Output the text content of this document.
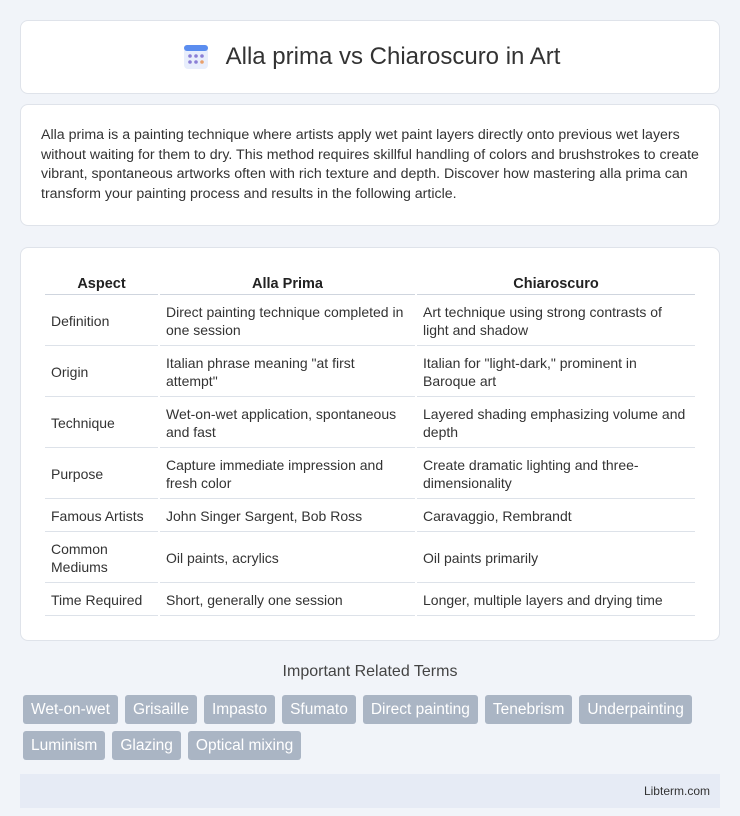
Alla prima vs Chiaroscuro in Art

Alla prima is a painting technique where artists apply wet paint layers directly onto previous wet layers without waiting for them to dry. This method requires skillful handling of colors and brushstrokes to create vibrant, spontaneous artworks often with rich texture and depth. Discover how mastering alla prima can transform your painting process and results in the following article.

Aspect	Alla Prima	Chiaroscuro
Definition	Direct painting technique completed in one session	Art technique using strong contrasts of light and shadow
Origin	Italian phrase meaning "at first attempt"	Italian for "light-dark," prominent in Baroque art
Technique	Wet-on-wet application, spontaneous and fast	Layered shading emphasizing volume and depth
Purpose	Capture immediate impression and fresh color	Create dramatic lighting and three-dimensionality
Famous Artists	John Singer Sargent, Bob Ross	Caravaggio, Rembrandt
Common Mediums	Oil paints, acrylics	Oil paints primarily
Time Required	Short, generally one session	Longer, multiple layers and drying time
Important Related Terms
Wet-on-wet	Grisaille	Impasto	Sfumato	Direct painting	Tenebrism	Underpainting
Luminism	Glazing	Optical mixing
Libterm.com
